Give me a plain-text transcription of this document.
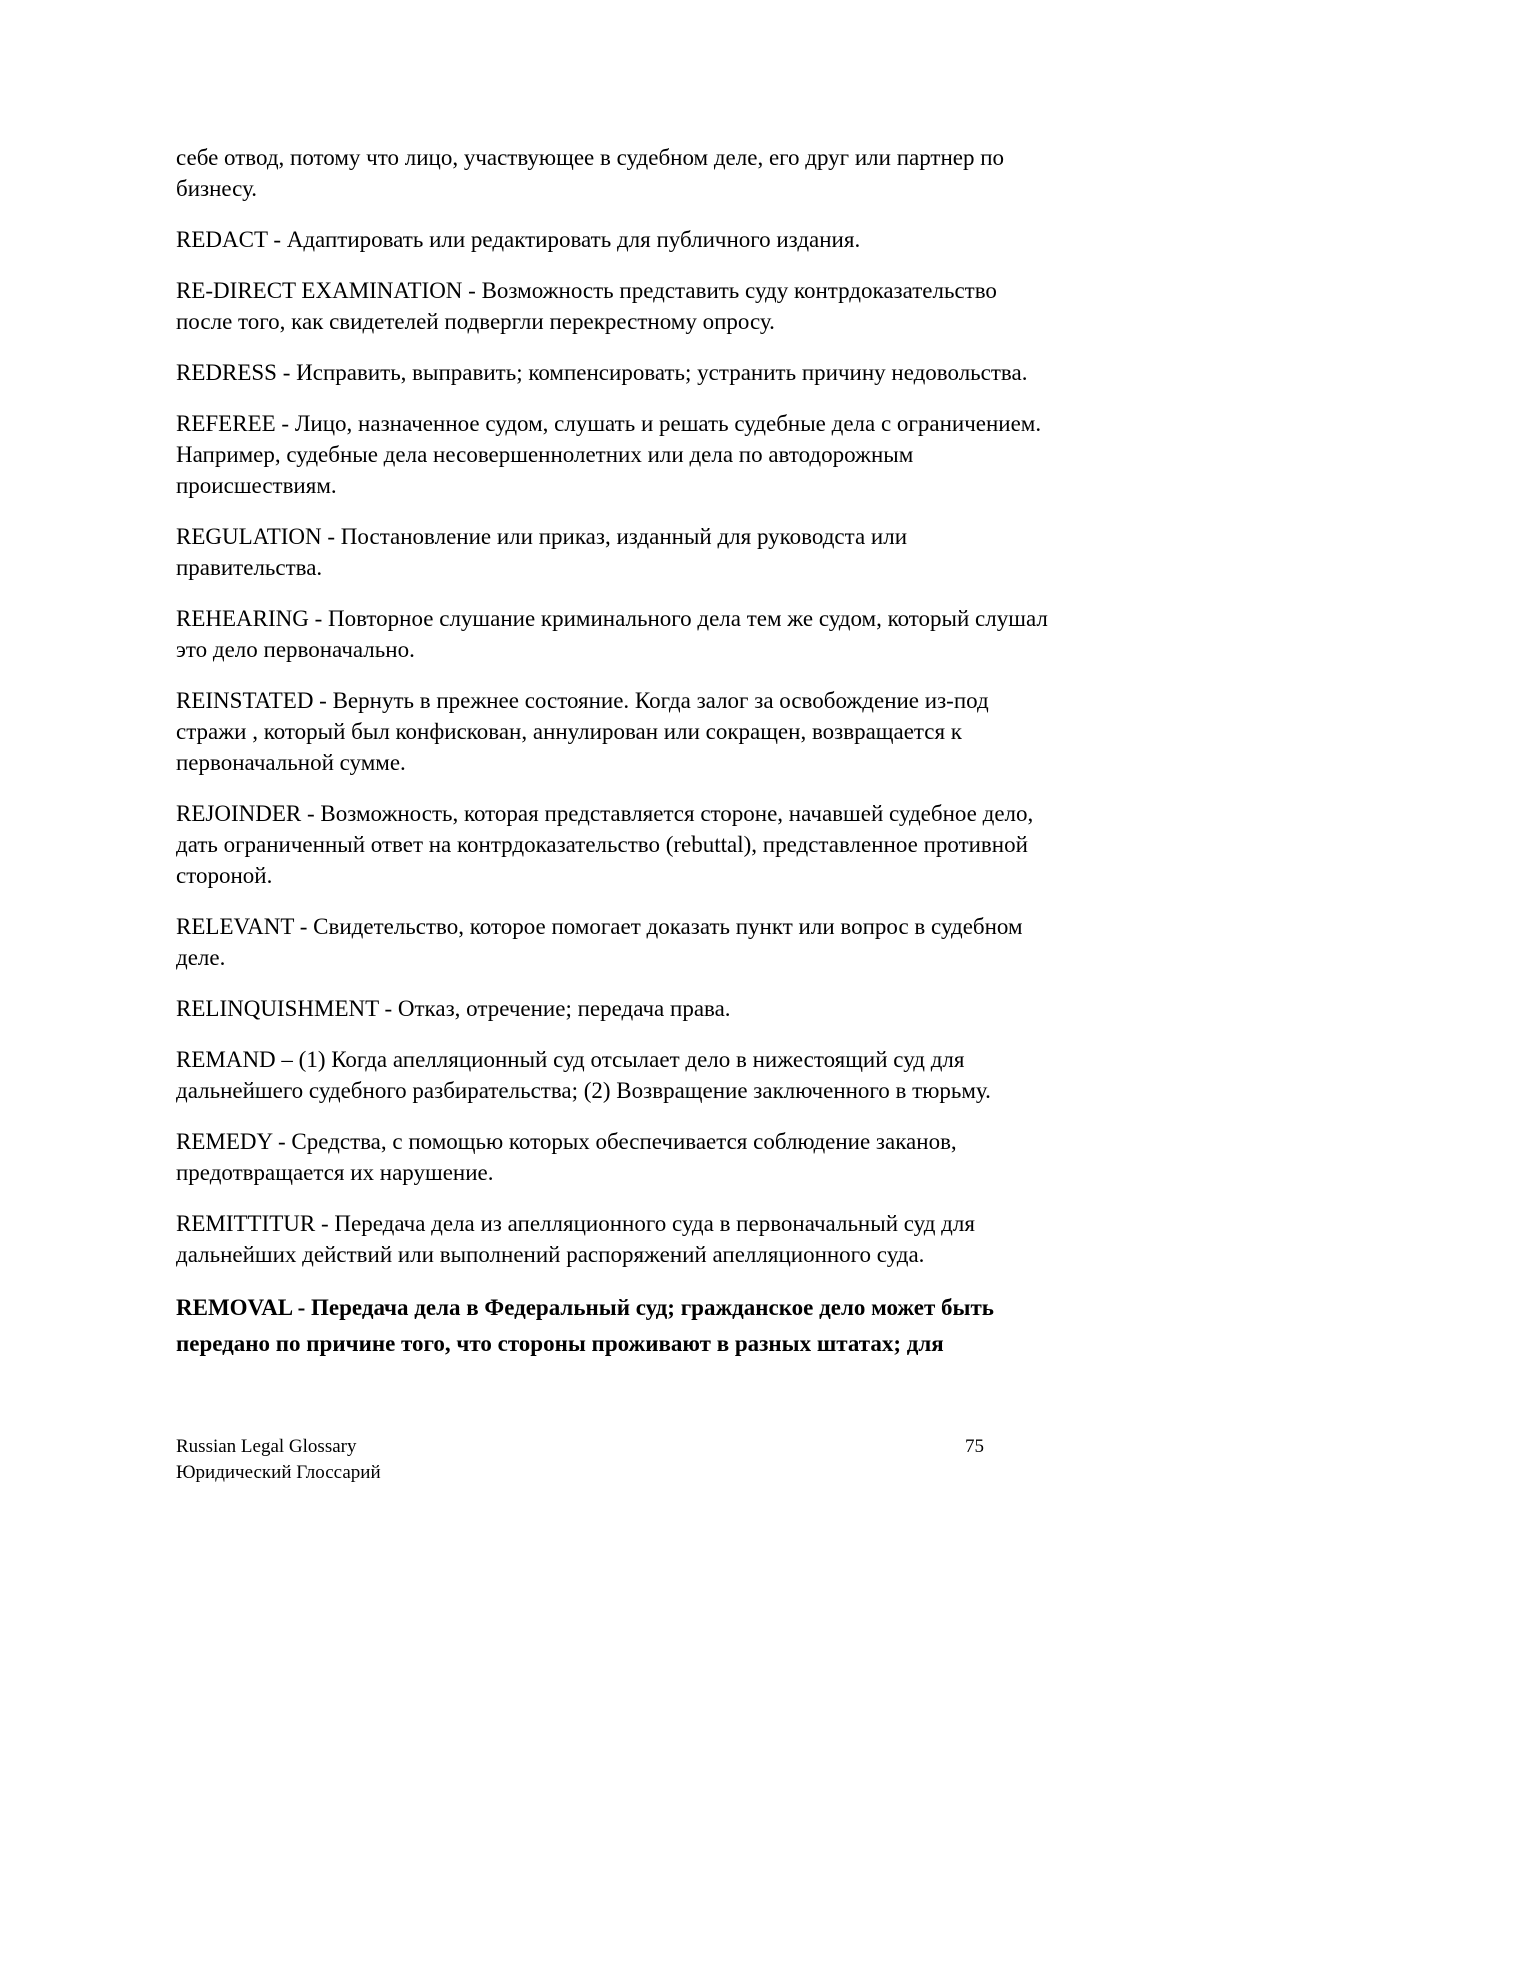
себе отвод, потому что лицо, участвующее в судебном деле, его друг или партнер по бизнесу.

REDACT - Адаптировать или редактировать для публичного издания.

RE-DIRECT EXAMINATION - Возможность представить суду контрдоказательство после того, как свидетелей подвергли перекрестному опросу.

REDRESS - Исправить, выправить; компенсировать; устранить причину недовольства.

REFEREE - Лицо, назначенное судом, слушать и решать судебные дела с ограничением. Например, судебные дела несовершеннолетних или дела по автодорожным происшествиям.

REGULATION - Постановление или приказ, изданный для руководста или правительства.

REHEARING - Повторное слушание криминального дела тем же судом, который слушал это дело первоначально.

REINSTATED - Вернуть в прежнее состояние. Когда залог за освобождение из-под стражи , который был конфискован, аннулирован или сокращен, возвращается к первоначальной сумме.

REJOINDER - Возможность, которая представляется стороне, начавшей судебное дело, дать ограниченный ответ на контрдоказательство (rebuttal), представленное противной стороной.

RELEVANT - Свидетельство, которое помогает доказать пункт или вопрос в судебном деле.

RELINQUISHMENT - Отказ, отречение; передача права.

REMAND – (1) Когда апелляционный суд отсылает дело в нижестоящий суд для дальнейшего судебного разбирательства; (2) Возвращение заключенного в тюрьму.

REMEDY - Средства, с помощью которых обеспечивается соблюдение заканов, предотвращается их нарушение.

REMITTITUR - Передача дела из апелляционного суда в первоначальный суд для дальнейших действий или выполнений распоряжений апелляционного суда.

REMOVAL - Передача дела в Федеральный суд; гражданское дело может быть передано по причине того, что стороны проживают в разных штатах; для

Russian Legal Glossary
Юридический Глоссарий
75
